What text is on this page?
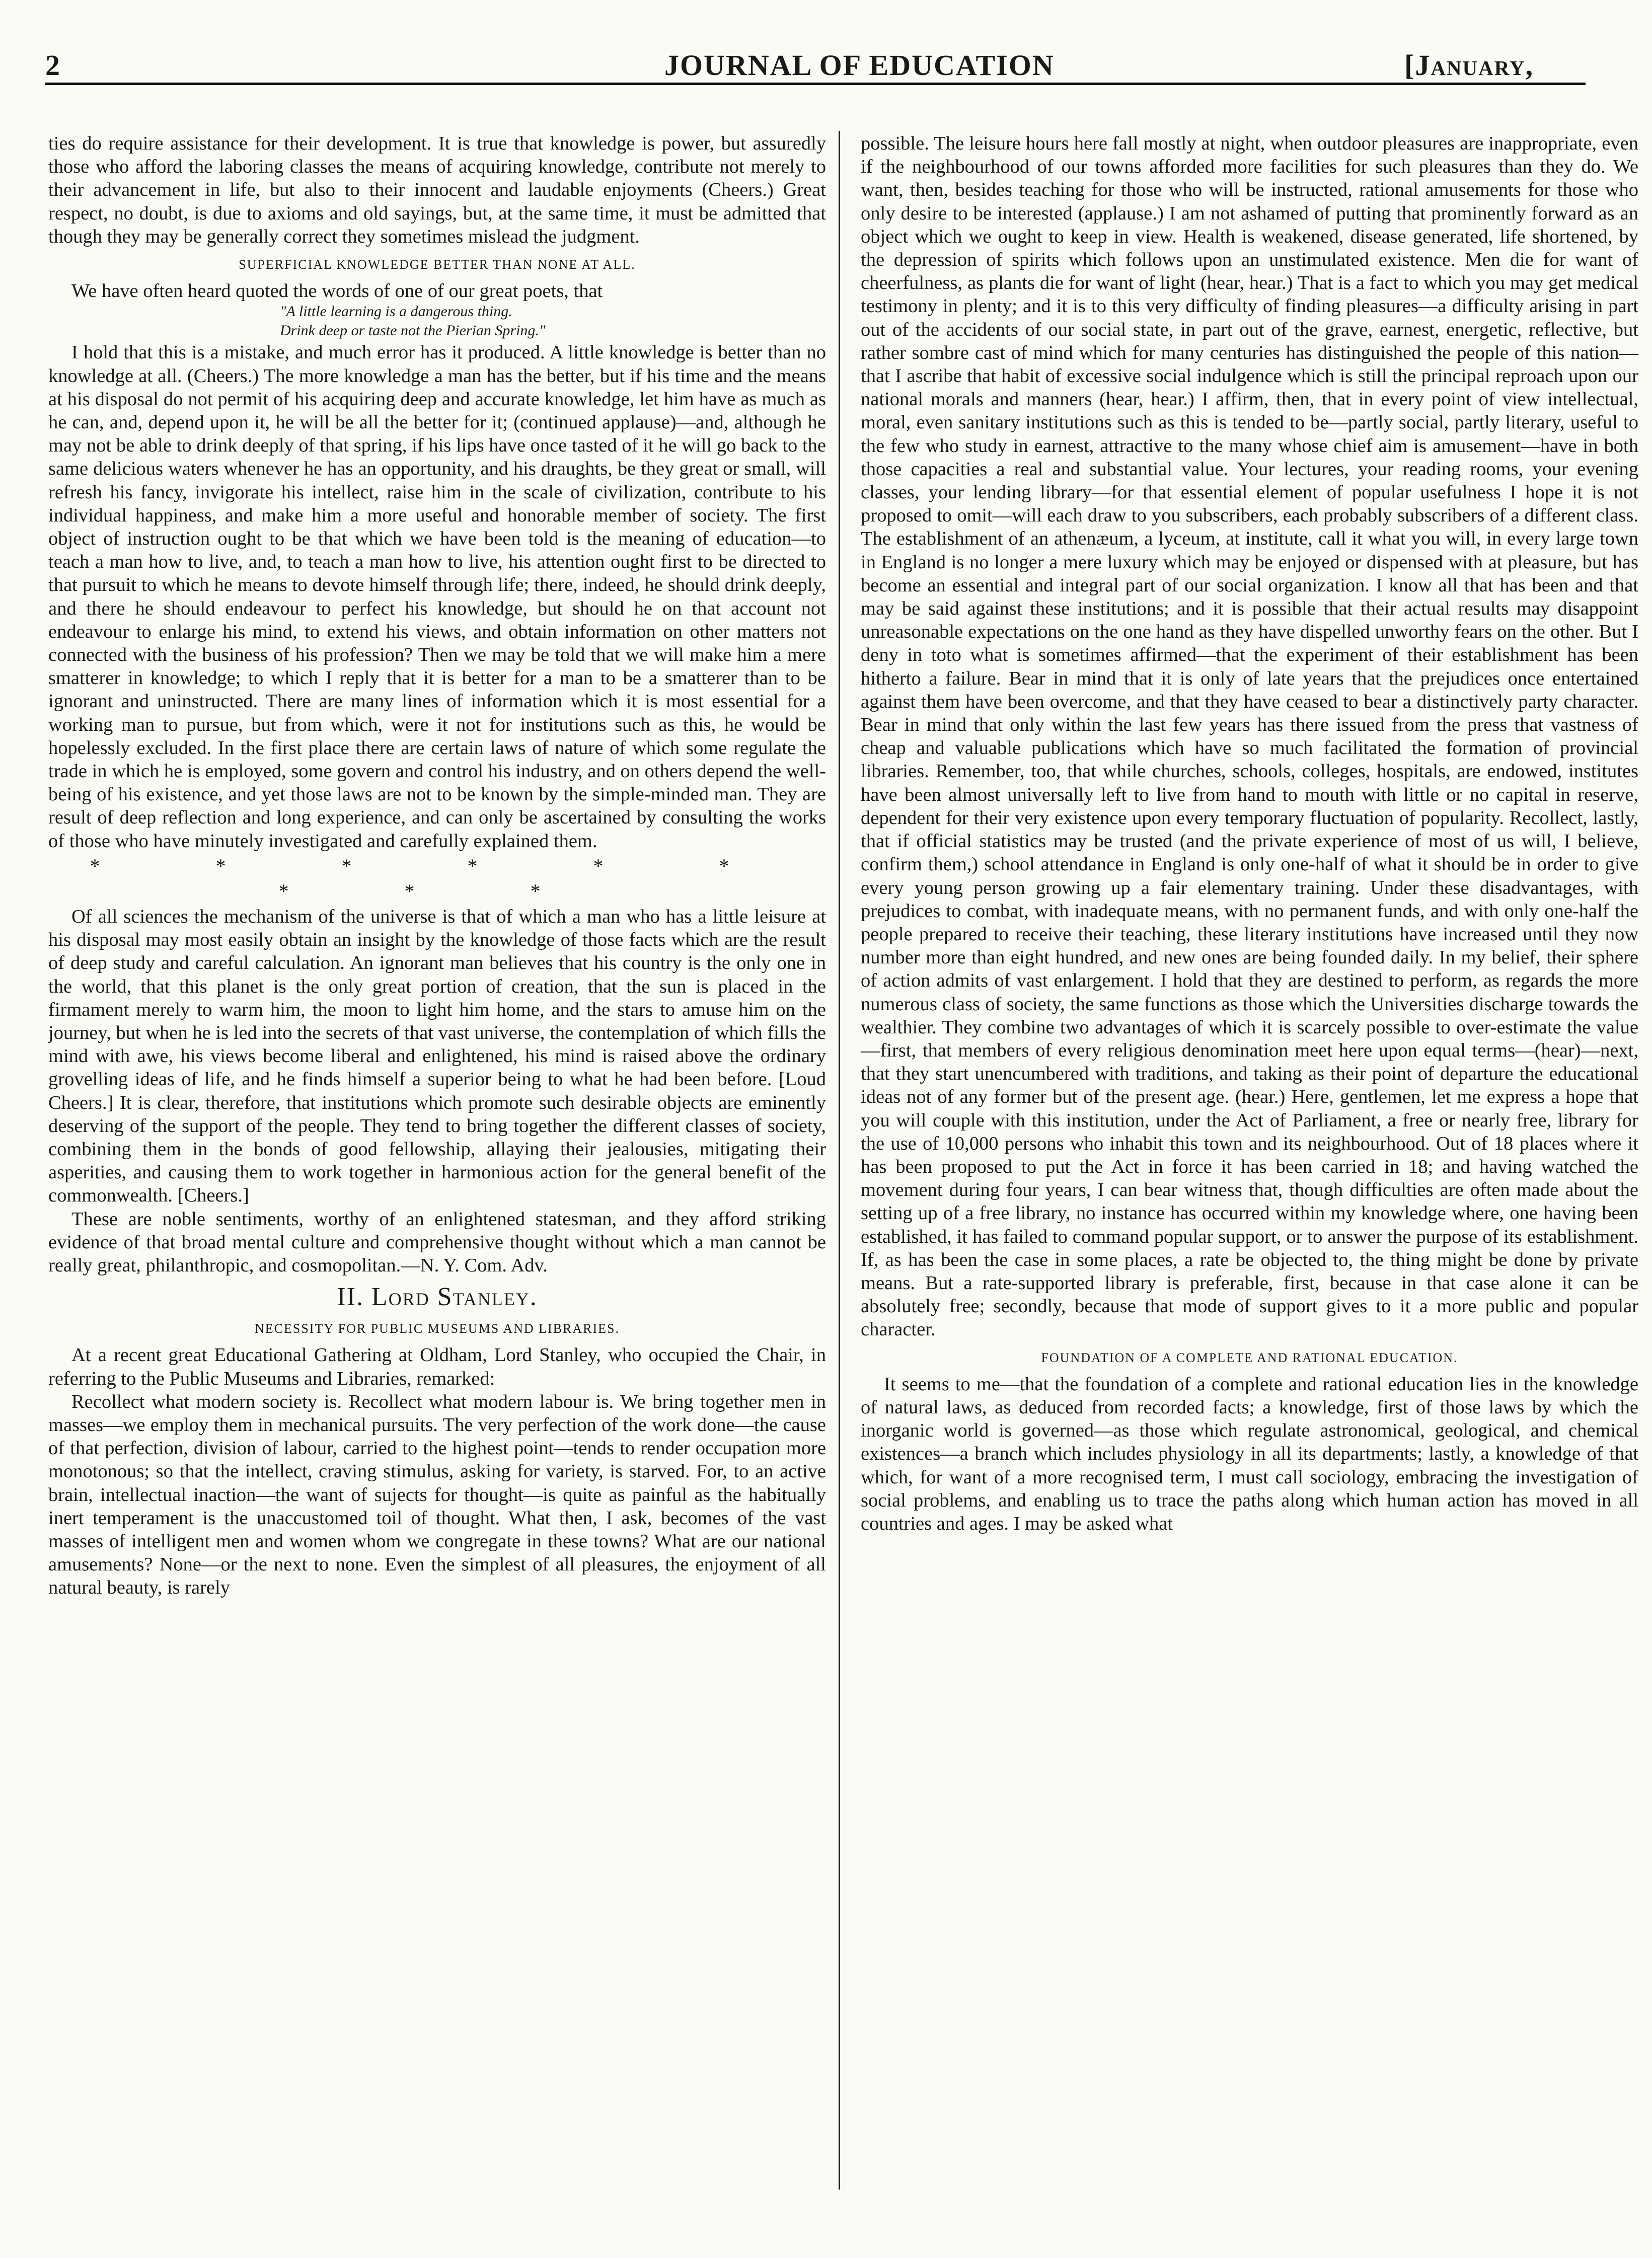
2	JOURNAL OF EDUCATION	[January,

ties do require assistance for their development. It is true that knowledge is power, but assuredly those who afford the laboring classes the means of acquiring knowledge, contribute not merely to their advancement in life, but also to their innocent and laudable enjoyments (Cheers.) Great respect, no doubt, is due to axioms and old sayings, but, at the same time, it must be admitted that though they may be generally correct they sometimes mislead the judgment.

SUPERFICIAL KNOWLEDGE BETTER THAN NONE AT ALL.

We have often heard quoted the words of one of our great poets, that

"A little learning is a dangerous thing.
Drink deep or taste not the Pierian Spring."

I hold that this is a mistake, and much error has it produced. A little knowledge is better than no knowledge at all. (Cheers.) The more knowledge a man has the better, but if his time and the means at his disposal do not permit of his acquiring deep and accurate knowledge, let him have as much as he can, and, depend upon it, he will be all the better for it; (continued applause)—and, although he may not be able to drink deeply of that spring, if his lips have once tasted of it he will go back to the same delicious waters whenever he has an opportunity, and his draughts, be they great or small, will refresh his fancy, invigorate his intellect, raise him in the scale of civilization, contribute to his individual happiness, and make him a more useful and honorable member of society. The first object of instruction ought to be that which we have been told is the meaning of education—to teach a man how to live, and, to teach a man how to live, his attention ought first to be directed to that pursuit to which he means to devote himself through life; there, indeed, he should drink deeply, and there he should endeavour to perfect his knowledge, but should he on that account not endeavour to enlarge his mind, to extend his views, and obtain information on other matters not connected with the business of his profession? Then we may be told that we will make him a mere smatterer in knowledge; to which I reply that it is better for a man to be a smatterer than to be ignorant and uninstructed. There are many lines of information which it is most essential for a working man to pursue, but from which, were it not for institutions such as this, he would be hopelessly excluded. In the first place there are certain laws of nature of which some regulate the trade in which he is employed, some govern and control his industry, and on others depend the well-being of his existence, and yet those laws are not to be known by the simple-minded man. They are result of deep reflection and long experience, and can only be ascertained by consulting the works of those who have minutely investigated and carefully explained them.

* * * * * * * * *

Of all sciences the mechanism of the universe is that of which a man who has a little leisure at his disposal may most easily obtain an insight by the knowledge of those facts which are the result of deep study and careful calculation. An ignorant man believes that his country is the only one in the world, that this planet is the only great portion of creation, that the sun is placed in the firmament merely to warm him, the moon to light him home, and the stars to amuse him on the journey, but when he is led into the secrets of that vast universe, the contemplation of which fills the mind with awe, his views become liberal and enlightened, his mind is raised above the ordinary grovelling ideas of life, and he finds himself a superior being to what he had been before. [Loud Cheers.] It is clear, therefore, that institutions which promote such desirable objects are eminently deserving of the support of the people. They tend to bring together the different classes of society, combining them in the bonds of good fellowship, allaying their jealousies, mitigating their asperities, and causing them to work together in harmonious action for the general benefit of the commonwealth. [Cheers.]

These are noble sentiments, worthy of an enlightened statesman, and they afford striking evidence of that broad mental culture and comprehensive thought without which a man cannot be really great, philanthropic, and cosmopolitan.—N. Y. Com. Adv.

II. Lord Stanley.
NECESSITY FOR PUBLIC MUSEUMS AND LIBRARIES.

At a recent great Educational Gathering at Oldham, Lord Stanley, who occupied the Chair, in referring to the Public Museums and Libraries, remarked:

Recollect what modern society is. Recollect what modern labour is. We bring together men in masses—we employ them in mechanical pursuits. The very perfection of the work done—the cause of that perfection, division of labour, carried to the highest point—tends to render occupation more monotonous; so that the intellect, craving stimulus, asking for variety, is starved. For, to an active brain, intellectual inaction—the want of sujects for thought—is quite as painful as the habitually inert temperament is the unaccustomed toil of thought. What then, I ask, becomes of the vast masses of intelligent men and women whom we congregate in these towns? What are our national amusements? None—or the next to none. Even the simplest of all pleasures, the enjoyment of all natural beauty, is rarely

possible. The leisure hours here fall mostly at night, when outdoor pleasures are inappropriate, even if the neighbourhood of our towns afforded more facilities for such pleasures than they do. We want, then, besides teaching for those who will be instructed, rational amusements for those who only desire to be interested (applause.) I am not ashamed of putting that prominently forward as an object which we ought to keep in view. Health is weakened, disease generated, life shortened, by the depression of spirits which follows upon an unstimulated existence. Men die for want of cheerfulness, as plants die for want of light (hear, hear.) That is a fact to which you may get medical testimony in plenty; and it is to this very difficulty of finding pleasures—a difficulty arising in part out of the accidents of our social state, in part out of the grave, earnest, energetic, reflective, but rather sombre cast of mind which for many centuries has distinguished the people of this nation—that I ascribe that habit of excessive social indulgence which is still the principal reproach upon our national morals and manners (hear, hear.) I affirm, then, that in every point of view intellectual, moral, even sanitary institutions such as this is tended to be—partly social, partly literary, useful to the few who study in earnest, attractive to the many whose chief aim is amusement—have in both those capacities a real and substantial value. Your lectures, your reading rooms, your evening classes, your lending library—for that essential element of popular usefulness I hope it is not proposed to omit—will each draw to you subscribers, each probably subscribers of a different class. The establishment of an athenæum, a lyceum, at institute, call it what you will, in every large town in England is no longer a mere luxury which may be enjoyed or dispensed with at pleasure, but has become an essential and integral part of our social organization. I know all that has been and that may be said against these institutions; and it is possible that their actual results may disappoint unreasonable expectations on the one hand as they have dispelled unworthy fears on the other. But I deny in toto what is sometimes affirmed—that the experiment of their establishment has been hitherto a failure. Bear in mind that it is only of late years that the prejudices once entertained against them have been overcome, and that they have ceased to bear a distinctively party character. Bear in mind that only within the last few years has there issued from the press that vastness of cheap and valuable publications which have so much facilitated the formation of provincial libraries. Remember, too, that while churches, schools, colleges, hospitals, are endowed, institutes have been almost universally left to live from hand to mouth with little or no capital in reserve, dependent for their very existence upon every temporary fluctuation of popularity. Recollect, lastly, that if official statistics may be trusted (and the private experience of most of us will, I believe, confirm them,) school attendance in England is only one-half of what it should be in order to give every young person growing up a fair elementary training. Under these disadvantages, with prejudices to combat, with inadequate means, with no permanent funds, and with only one-half the people prepared to receive their teaching, these literary institutions have increased until they now number more than eight hundred, and new ones are being founded daily. In my belief, their sphere of action admits of vast enlargement. I hold that they are destined to perform, as regards the more numerous class of society, the same functions as those which the Universities discharge towards the wealthier. They combine two advantages of which it is scarcely possible to over-estimate the value—first, that members of every religious denomination meet here upon equal terms—(hear)—next, that they start unencumbered with traditions, and taking as their point of departure the educational ideas not of any former but of the present age. (hear.) Here, gentlemen, let me express a hope that you will couple with this institution, under the Act of Parliament, a free or nearly free, library for the use of 10,000 persons who inhabit this town and its neighbourhood. Out of 18 places where it has been proposed to put the Act in force it has been carried in 18; and having watched the movement during four years, I can bear witness that, though difficulties are often made about the setting up of a free library, no instance has occurred within my knowledge where, one having been established, it has failed to command popular support, or to answer the purpose of its establishment. If, as has been the case in some places, a rate be objected to, the thing might be done by private means. But a rate-supported library is preferable, first, because in that case alone it can be absolutely free; secondly, because that mode of support gives to it a more public and popular character.

FOUNDATION OF A COMPLETE AND RATIONAL EDUCATION.

It seems to me—that the foundation of a complete and rational education lies in the knowledge of natural laws, as deduced from recorded facts; a knowledge, first of those laws by which the inorganic world is governed—as those which regulate astronomical, geological, and chemical existences—a branch which includes physiology in all its departments; lastly, a knowledge of that which, for want of a more recognised term, I must call sociology, embracing the investigation of social problems, and enabling us to trace the paths along which human action has moved in all countries and ages. I may be asked what
